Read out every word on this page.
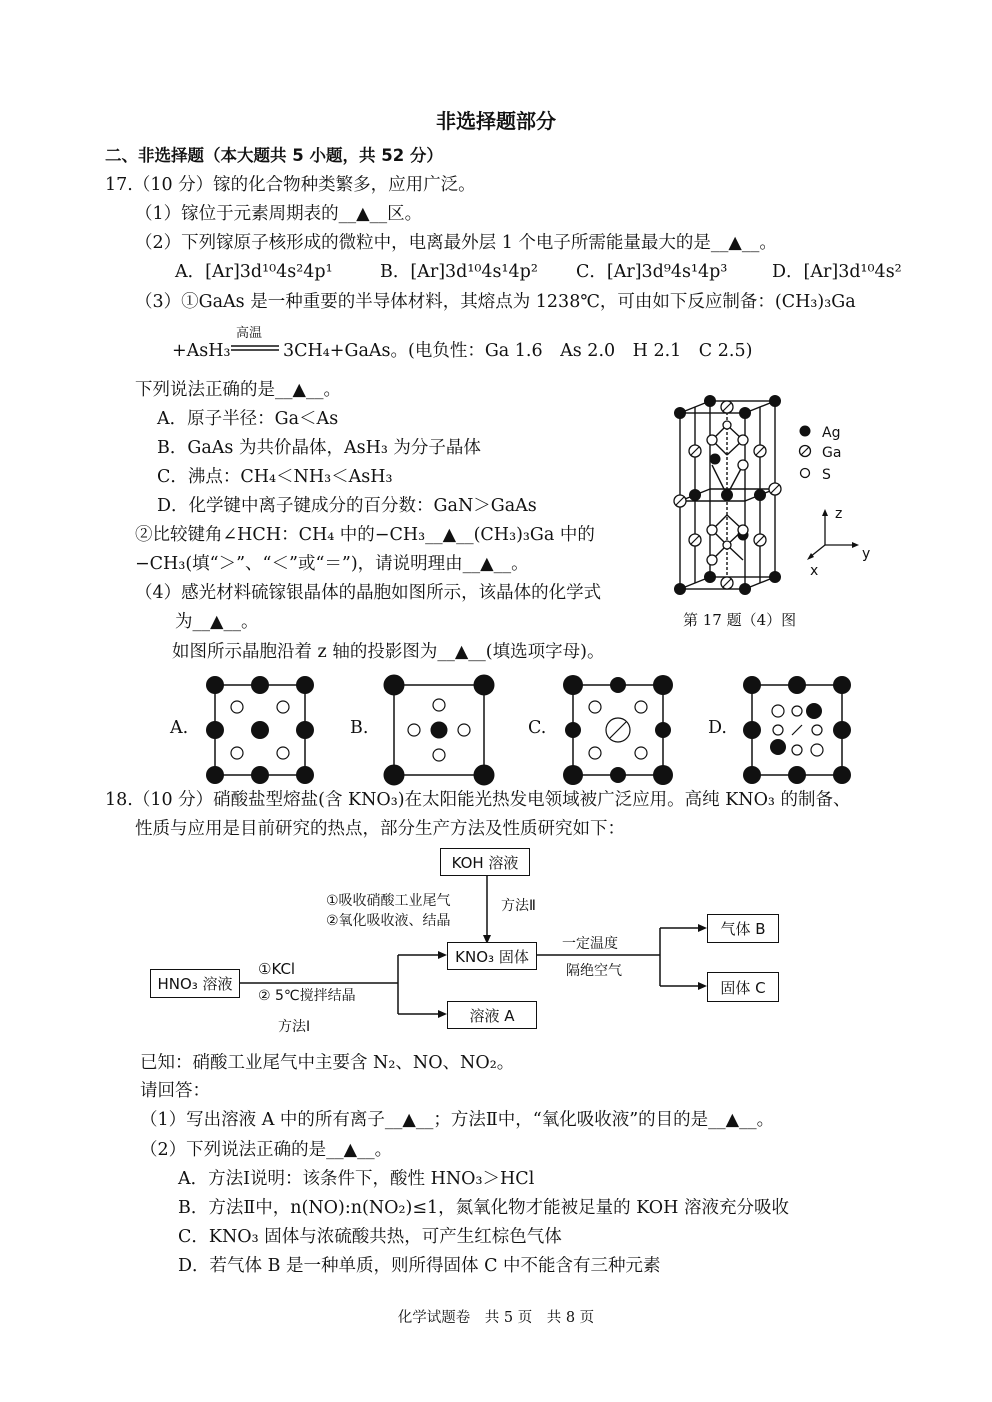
非选择题部分
二、非选择题（本大题共 5 小题，共 52 分）
17.（10 分）镓的化合物种类繁多，应用广泛。
（1）镓位于元素周期表的__▲__区。
（2）下列镓原子核形成的微粒中，电离最外层 1 个电子所需能量最大的是__▲__。
A．[Ar]3d¹⁰4s²4p¹	B．[Ar]3d¹⁰4s¹4p² C．[Ar]3d⁹4s¹4p³	D．[Ar]3d¹⁰4s²
（3）①GaAs 是一种重要的半导体材料，其熔点为 1238℃，可由如下反应制备：(CH₃)₃Ga
+AsH₃
高温
3CH₄+GaAs。(电负性：Ga 1.6　As 2.0　H 2.1　C 2.5)
下列说法正确的是__▲__。
A．原子半径：Ga＜As
B．GaAs 为共价晶体，AsH₃ 为分子晶体
C．沸点：CH₄＜NH₃＜AsH₃
D．化学键中离子键成分的百分数：GaN＞GaAs
②比较键角∠HCH：CH₄ 中的−CH₃__▲__(CH₃)₃Ga 中的
−CH₃(填“＞”、“＜”或“＝”)，请说明理由__▲__。
（4）感光材料硫镓银晶体的晶胞如图所示，该晶体的化学式
为__▲__。
如图所示晶胞沿着 z 轴的投影图为__▲__(填选项字母)。
Ag
Ga
S
z
y
x
第 17 题（4）图
A.	B.	C.	D.
18.（10 分）硝酸盐型熔盐(含 KNO₃)在太阳能光热发电领域被广泛应用。高纯 KNO₃ 的制备、
性质与应用是目前研究的热点，部分生产方法及性质研究如下：
KOH 溶液
HNO₃ 溶液
KNO₃ 固体
溶液 A
气体 B
固体 C
①吸收硝酸工业尾气
②氧化吸收液、结晶
方法Ⅱ
①KCl
② 5℃搅拌结晶
方法Ⅰ
一定温度
隔绝空气
已知：硝酸工业尾气中主要含 N₂、NO、NO₂。
请回答：
（1）写出溶液 A 中的所有离子__▲__；方法Ⅱ中，“氧化吸收液”的目的是__▲__。
（2）下列说法正确的是__▲__。
A．方法Ⅰ说明：该条件下，酸性 HNO₃＞HCl
B．方法Ⅱ中，n(NO):n(NO₂)≤1，氮氧化物才能被足量的 KOH 溶液充分吸收
C．KNO₃ 固体与浓硫酸共热，可产生红棕色气体
D．若气体 B 是一种单质，则所得固体 C 中不能含有三种元素
化学试题卷　共 5 页　共 8 页
